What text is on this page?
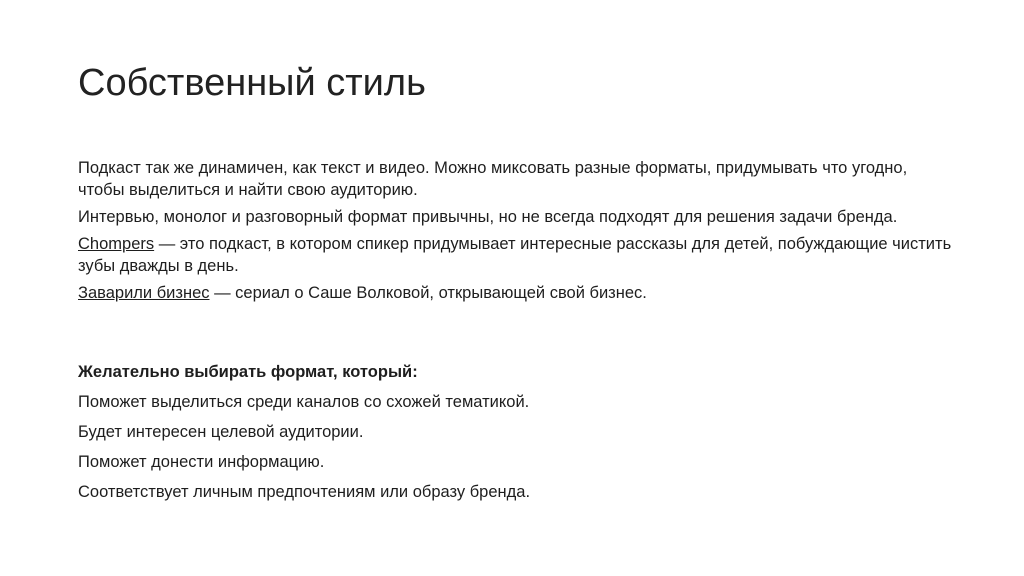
Собственный стиль

Подкаст так же динамичен, как текст и видео. Можно миксовать разные форматы, придумывать что угодно, чтобы выделиться и найти свою аудиторию.

Интервью, монолог и разговорный формат привычны, но не всегда подходят для решения задачи бренда.

Chompers — это подкаст, в котором спикер придумывает интересные рассказы для детей, побуждающие чистить зубы дважды в день.

Заварили бизнес — сериал о Саше Волковой, открывающей свой бизнес.

Желательно выбирать формат, который:

Поможет выделиться среди каналов со схожей тематикой.

Будет интересен целевой аудитории.

Поможет донести информацию.

Соответствует личным предпочтениям или образу бренда.
